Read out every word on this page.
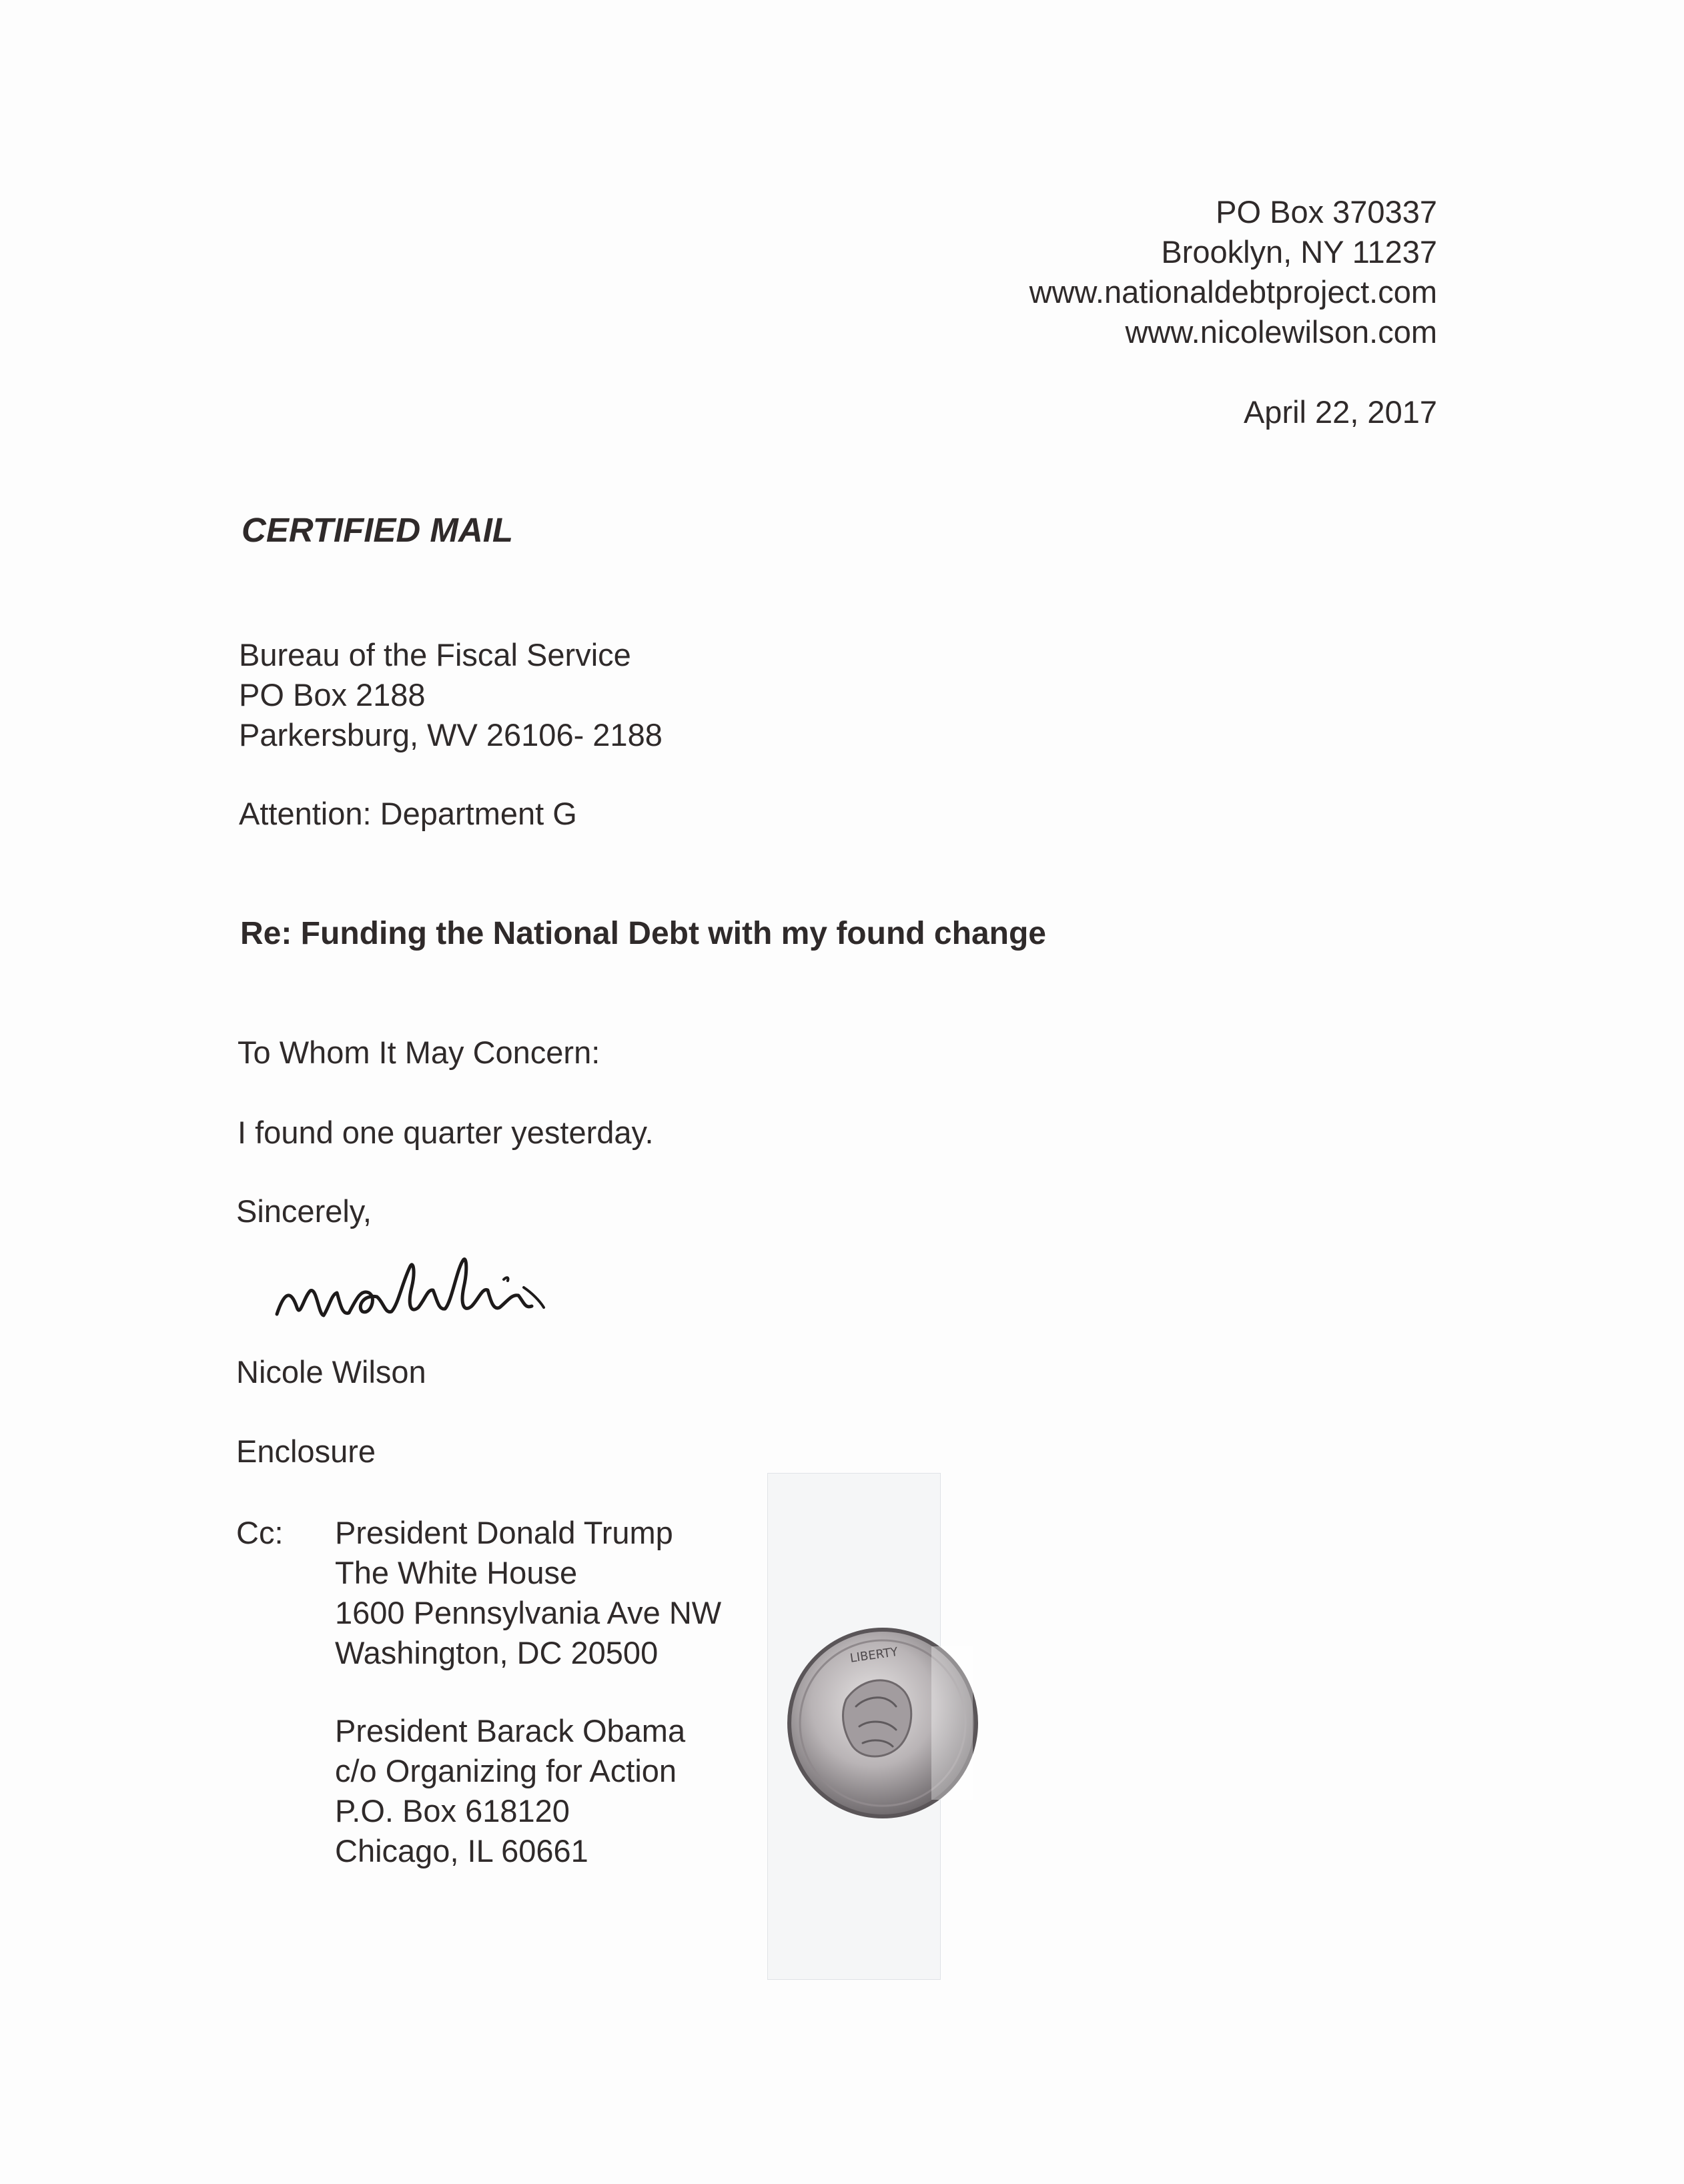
PO Box 370337
Brooklyn, NY 11237
www.nationaldebtproject.com
www.nicolewilson.com
April 22, 2017
CERTIFIED MAIL
Bureau of the Fiscal Service
PO Box 2188
Parkersburg, WV 26106- 2188
Attention: Department G
Re: Funding the National Debt with my found change
To Whom It May Concern:
I found one quarter yesterday.
Sincerely,
Nicole Wilson
Enclosure
Cc: President Donald Trump
The White House
1600 Pennsylvania Ave NW
Washington, DC 20500
President Barack Obama
c/o Organizing for Action
P.O. Box 618120
Chicago, IL 60661
LIBERTY
